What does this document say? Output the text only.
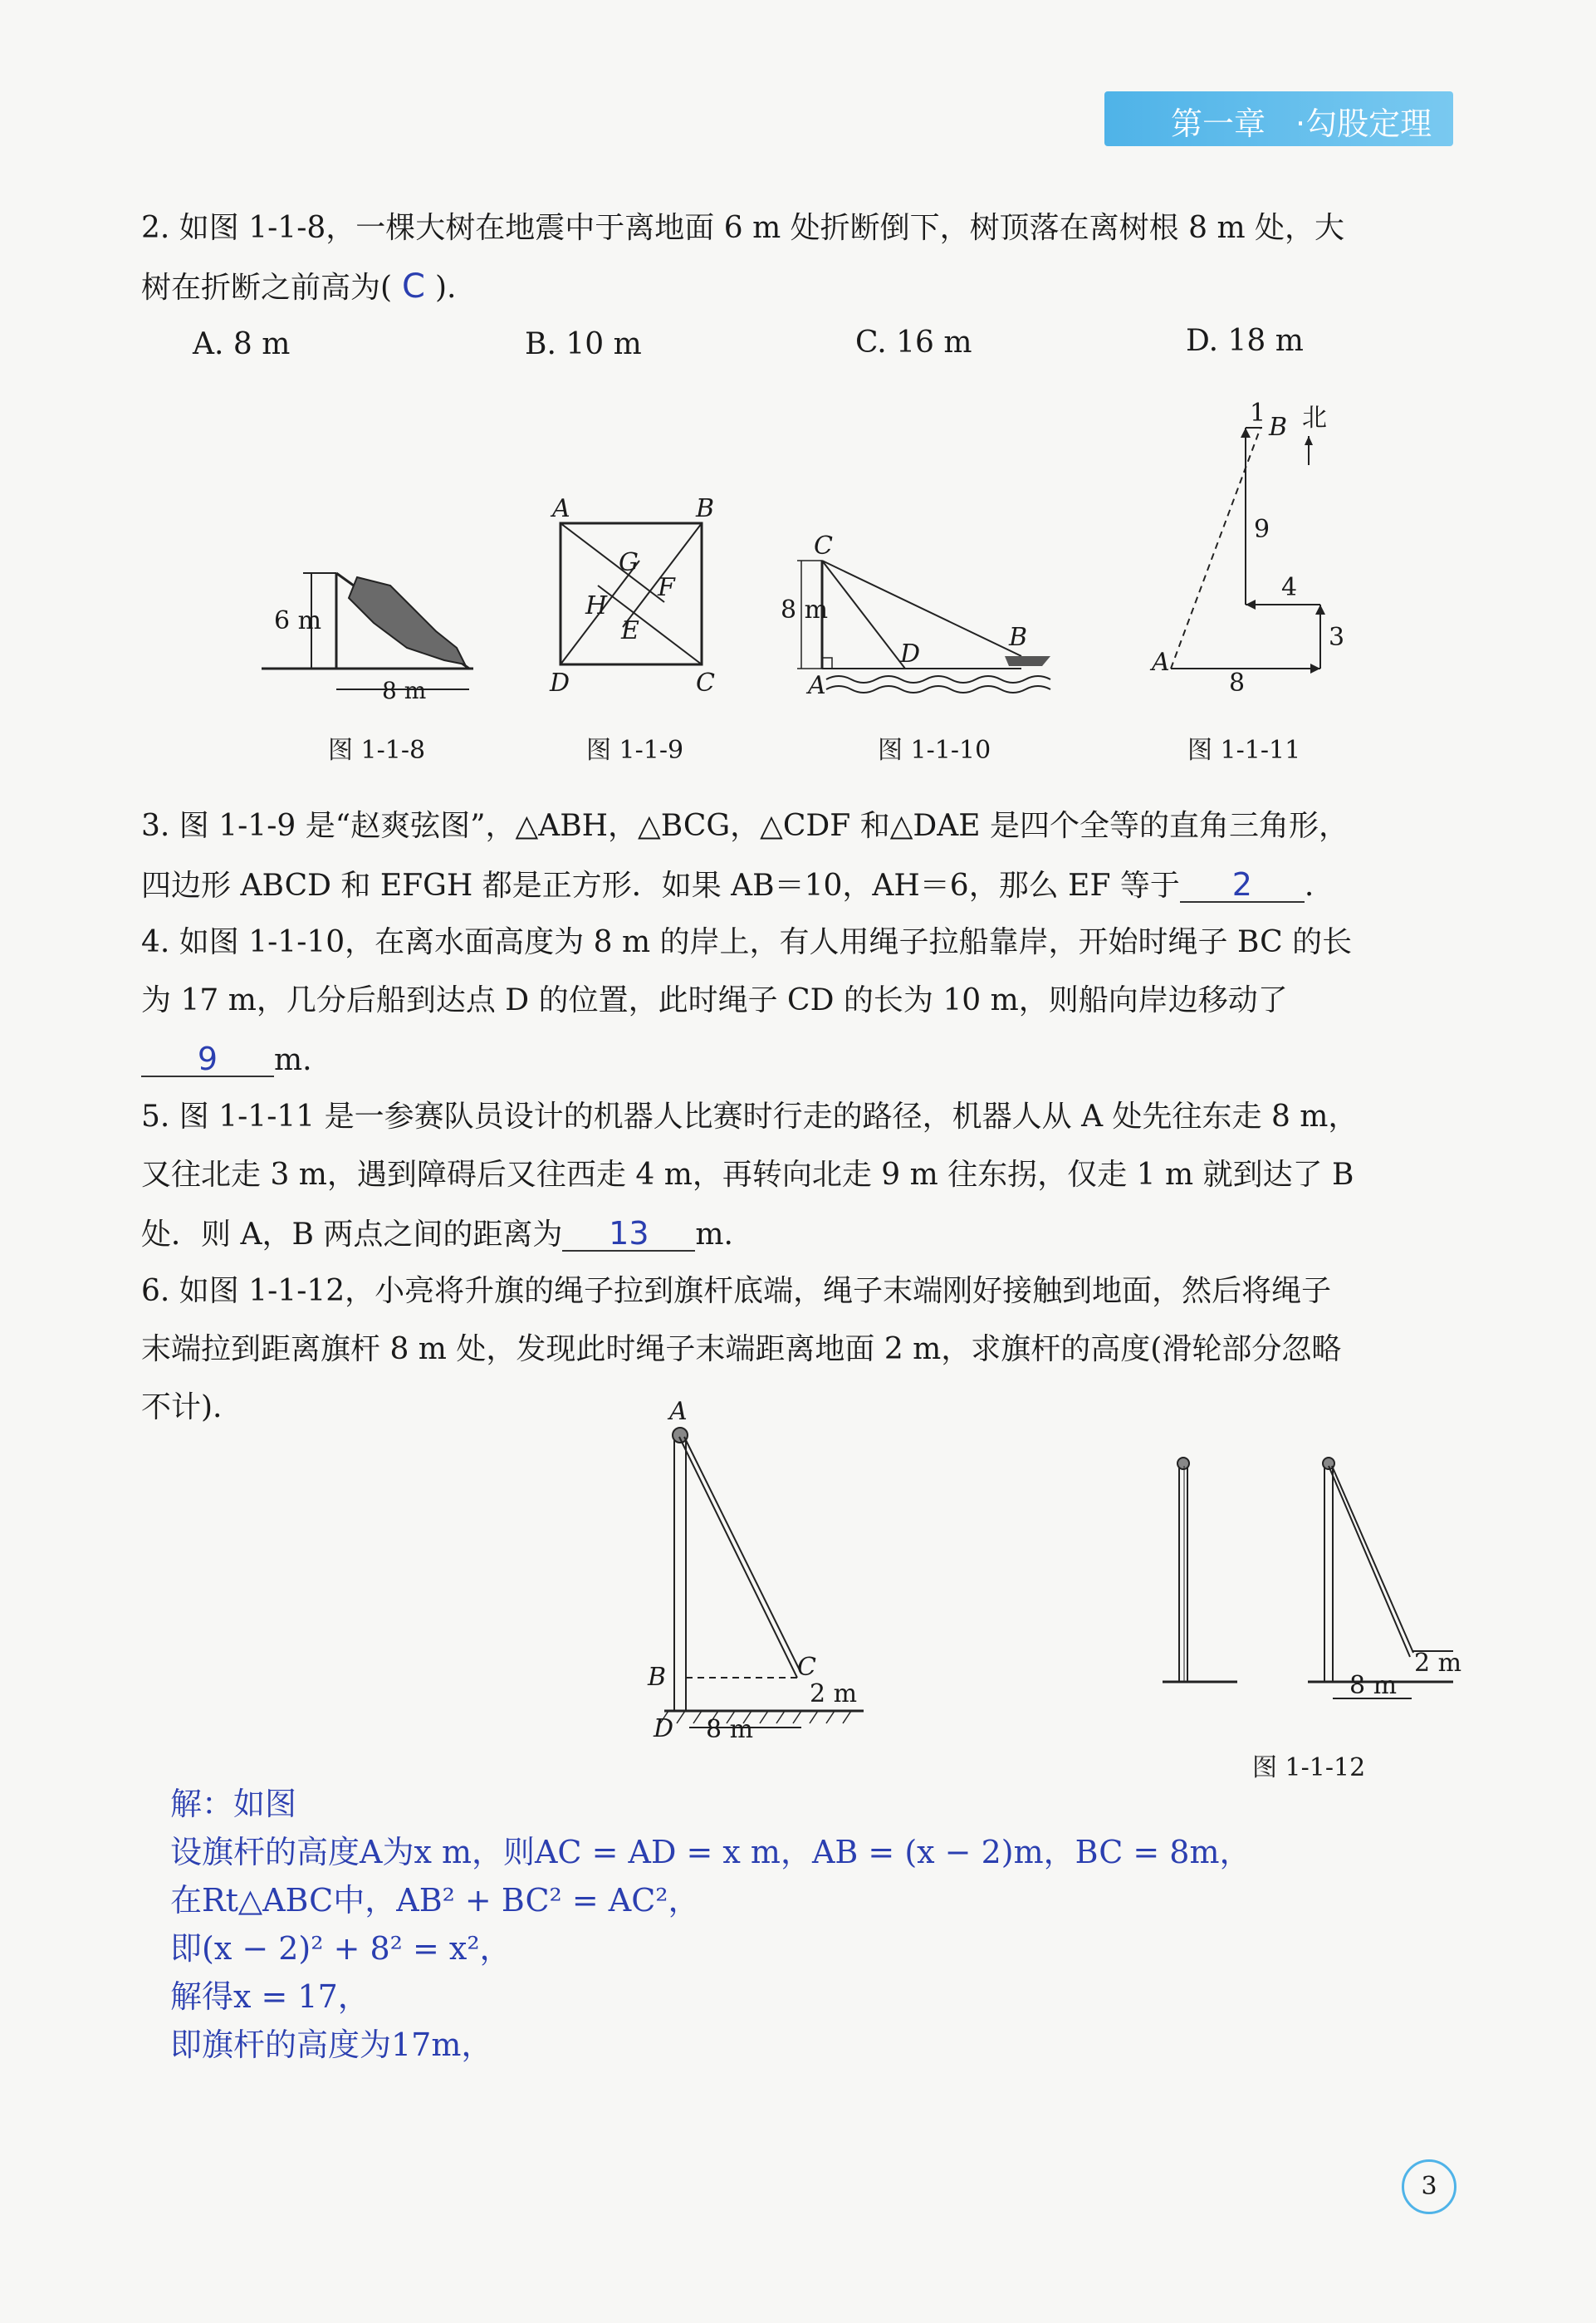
第一章 ·勾股定理
2. 如图 1-1-8，一棵大树在地震中于离地面 6 m 处折断倒下，树顶落在离树根 8 m 处，大
树在折断之前高为( C ).
A. 8 m	B. 10 m	C. 16 m	D. 18 m
6 m
8 m
图 1-1-8
A	B
C
D
E
F
G
H
图 1-1-9
C
8 m
A
D
B
图 1-1-10
北
1 B
9
4
3
A
8
图 1-1-11
3. 图 1-1-9 是“赵爽弦图”，△ABH，△BCG，△CDF 和△DAE 是四个全等的直角三角形，
四边形 ABCD 和 EFGH 都是正方形．如果 AB＝10，AH＝6，那么 EF 等于 2 .
4. 如图 1-1-10，在离水面高度为 8 m 的岸上，有人用绳子拉船靠岸，开始时绳子 BC 的长
为 17 m，几分后船到达点 D 的位置，此时绳子 CD 的长为 10 m，则船向岸边移动了
9 m.
5. 图 1-1-11 是一参赛队员设计的机器人比赛时行走的路径，机器人从 A 处先往东走 8 m，
又往北走 3 m，遇到障碍后又往西走 4 m，再转向北走 9 m 往东拐，仅走 1 m 就到达了 B
处．则 A，B 两点之间的距离为 13 m.
6. 如图 1-1-12，小亮将升旗的绳子拉到旗杆底端，绳子末端刚好接触到地面，然后将绳子
末端拉到距离旗杆 8 m 处，发现此时绳子末端距离地面 2 m，求旗杆的高度(滑轮部分忽略
不计).	A
B	C
D 8 m
2 m	8 m
2 m
图 1-1-12
解：如图
设旗杆的高度A为x m，则AC = AD = x m，AB = (x − 2)m，BC = 8m，
在Rt△ABC中，AB² + BC² = AC²，
即(x − 2)² + 8² = x²，
解得x = 17，
即旗杆的高度为17m，
3
